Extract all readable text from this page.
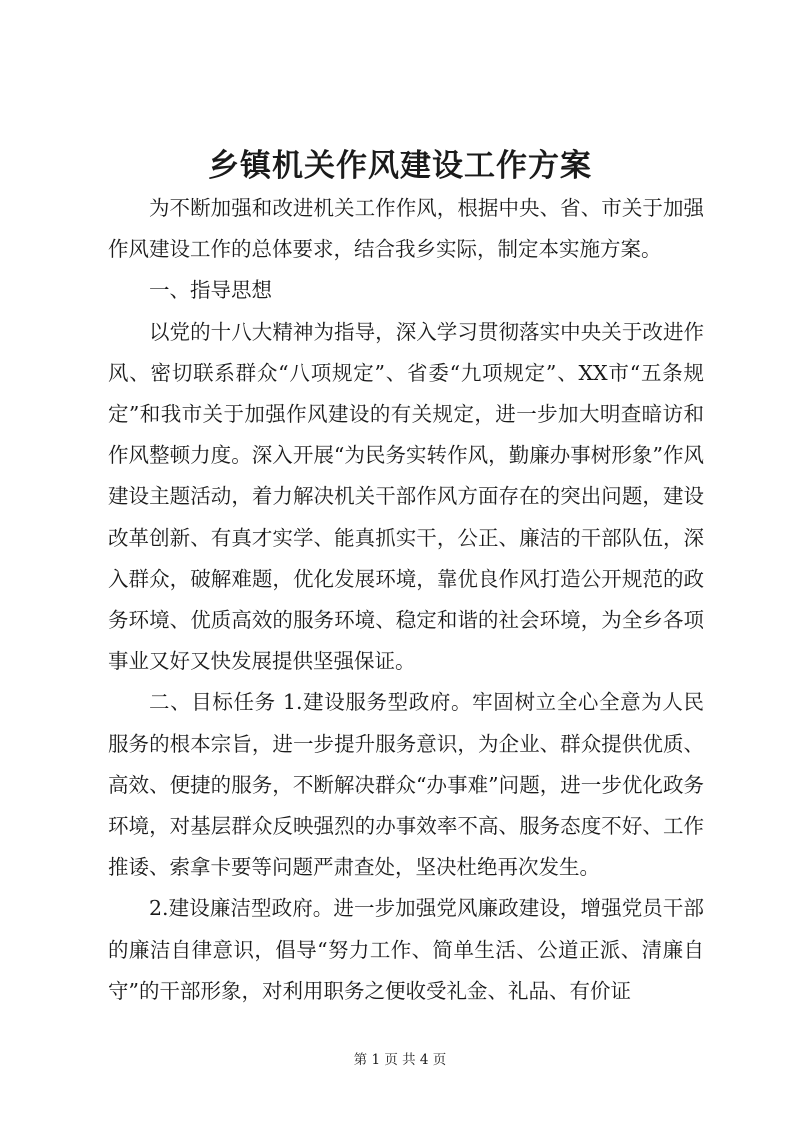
乡镇机关作风建设工作方案

为不断加强和改进机关工作作风，根据中央、省、市关于加强作风建设工作的总体要求，结合我乡实际，制定本实施方案。

一、指导思想

以党的十八大精神为指导，深入学习贯彻落实中央关于改进作风、密切联系群众“八项规定”、省委“九项规定”、XX市“五条规定”和我市关于加强作风建设的有关规定，进一步加大明查暗访和作风整顿力度。深入开展“为民务实转作风，勤廉办事树形象”作风建设主题活动，着力解决机关干部作风方面存在的突出问题，建设改革创新、有真才实学、能真抓实干，公正、廉洁的干部队伍，深入群众，破解难题，优化发展环境，靠优良作风打造公开规范的政务环境、优质高效的服务环境、稳定和谐的社会环境，为全乡各项事业又好又快发展提供坚强保证。

二、目标任务 1.建设服务型政府。牢固树立全心全意为人民服务的根本宗旨，进一步提升服务意识，为企业、群众提供优质、高效、便捷的服务，不断解决群众“办事难”问题，进一步优化政务环境，对基层群众反映强烈的办事效率不高、服务态度不好、工作推诿、索拿卡要等问题严肃查处，坚决杜绝再次发生。

2.建设廉洁型政府。进一步加强党风廉政建设，增强党员干部的廉洁自律意识，倡导“努力工作、简单生活、公道正派、清廉自守”的干部形象，对利用职务之便收受礼金、礼品、有价证

第 1 页 共 4 页
